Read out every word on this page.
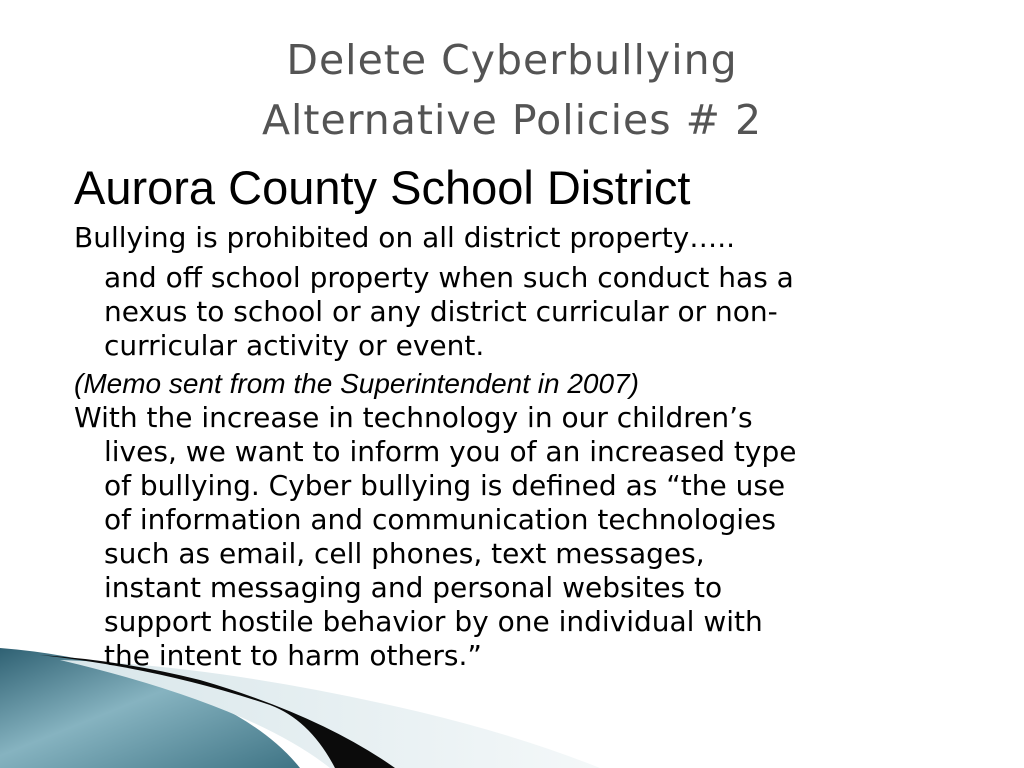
Delete Cyberbullying
Alternative Policies # 2

Aurora County School District

Bullying is prohibited on all district property…..

and off school property when such conduct has a
nexus to school or any district curricular or non-
curricular activity or event.

(Memo sent from the Superintendent in 2007)

With the increase in technology in our children’s
lives, we want to inform you of an increased type
of bullying. Cyber bullying is defined as “the use
of information and communication technologies
such as email, cell phones, text messages,
instant messaging and personal websites to
support hostile behavior by one individual with
the intent to harm others.”
